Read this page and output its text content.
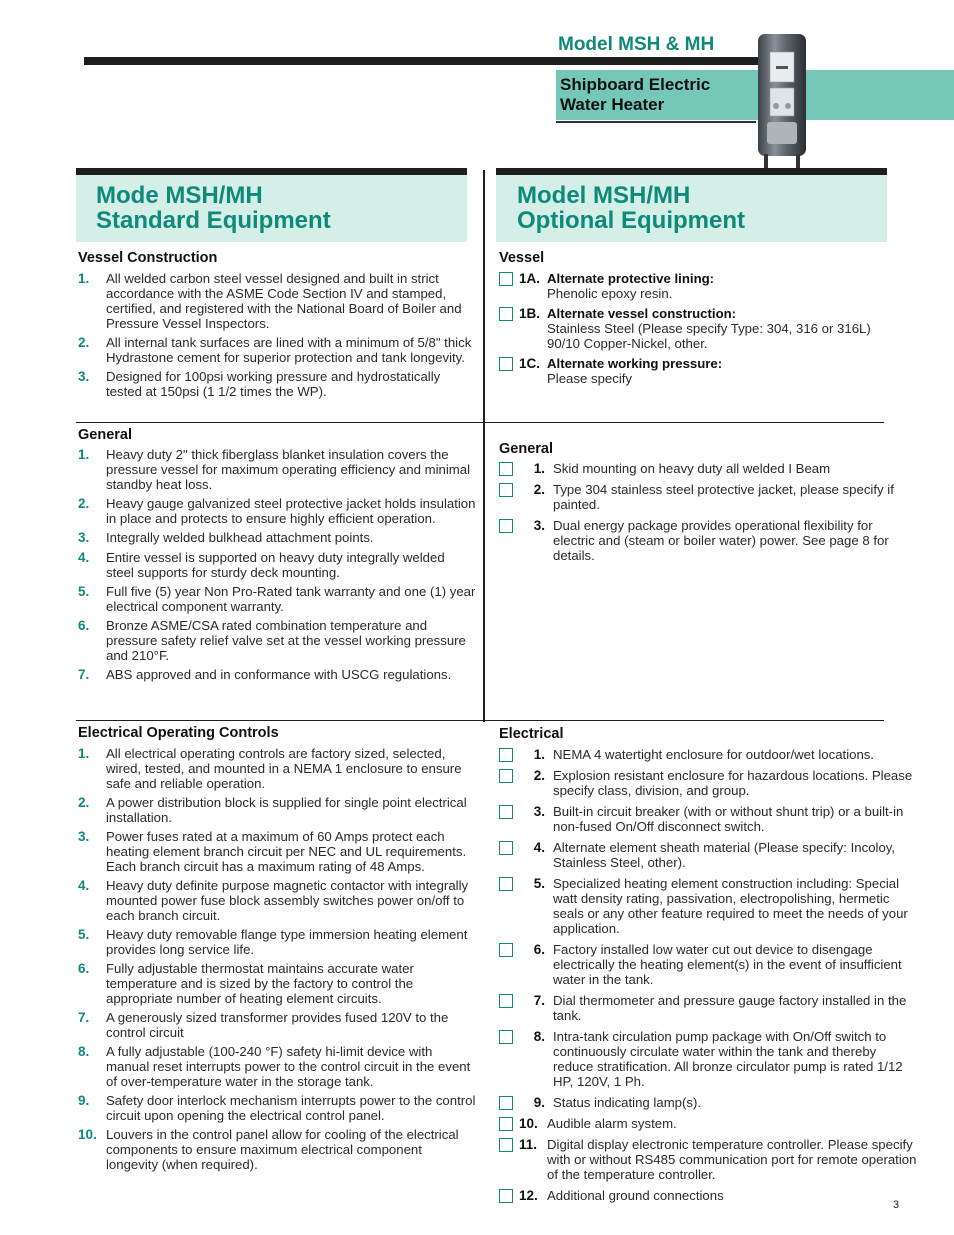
Model MSH & MH
Shipboard Electric
Water Heater
Mode MSH/MH
Standard Equipment
Model MSH/MH
Optional Equipment
Vessel Construction
1.	All welded carbon steel vessel designed and built in strict accordance with the ASME Code Section IV and stamped, certified, and registered with the National Board of Boiler and Pressure Vessel Inspectors.
2.	All internal tank surfaces are lined with a minimum of 5/8" thick Hydrastone cement for superior protection and tank longevity.
3.	Designed for 100psi working pressure and hydrostatically tested at 150psi (1 1/2 times the WP).
General
1.	Heavy duty 2" thick fiberglass blanket insulation covers the pressure vessel for maximum operating efficiency and minimal standby heat loss.
2.	Heavy gauge galvanized steel protective jacket holds insulation in place and protects to ensure highly efficient operation.
3.	Integrally welded bulkhead attachment points.
4.	Entire vessel is supported on heavy duty integrally welded steel supports for sturdy deck mounting.
5.	Full five (5) year Non Pro-Rated tank warranty and one (1) year electrical component warranty.
6.	Bronze ASME/CSA rated combination temperature and pressure safety relief valve set at the vessel working pressure and 210°F.
7.	ABS approved and in conformance with USCG regulations.
Electrical Operating Controls
1.	All electrical operating controls are factory sized, selected, wired, tested, and mounted in a NEMA 1 enclosure to ensure safe and reliable operation.
2.	A power distribution block is supplied for single point electrical installation.
3.	Power fuses rated at a maximum of 60 Amps protect each heating element branch circuit per NEC and UL requirements. Each branch circuit has a maximum rating of 48 Amps.
4.	Heavy duty definite purpose magnetic contactor with integrally mounted power fuse block assembly switches power on/off to each branch circuit.
5.	Heavy duty removable flange type immersion heating element provides long service life.
6.	Fully adjustable thermostat maintains accurate water temperature and is sized by the factory to control the appropriate number of heating element circuits.
7.	A generously sized transformer provides fused 120V to the control circuit
8.	A fully adjustable (100-240 °F) safety hi-limit device with manual reset interrupts power to the control circuit in the event of over-temperature water in the storage tank.
9.	Safety door interlock mechanism interrupts power to the control circuit upon opening the electrical control panel.
10. Louvers in the control panel allow for cooling of the electrical components to ensure maximum electrical component longevity (when required).
Vessel
1A. Alternate protective lining:
Phenolic epoxy resin.
1B. Alternate vessel construction:
Stainless Steel (Please specify Type: 304, 316 or 316L) 90/10 Copper-Nickel, other.
1C. Alternate working pressure:
Please specify
General
1. Skid mounting on heavy duty all welded I Beam
2. Type 304 stainless steel protective jacket, please specify if painted.
3. Dual energy package provides operational flexibility for electric and (steam or boiler water) power. See page 8 for details.
Electrical
1. NEMA 4 watertight enclosure for outdoor/wet locations.
2. Explosion resistant enclosure for hazardous locations. Please specify class, division, and group.
3. Built-in circuit breaker (with or without shunt trip) or a built-in non-fused On/Off disconnect switch.
4. Alternate element sheath material (Please specify: Incoloy, Stainless Steel, other).
5. Specialized heating element construction including: Special watt density rating, passivation, electropolishing, hermetic seals or any other feature required to meet the needs of your application.
6. Factory installed low water cut out device to disengage electrically the heating element(s) in the event of insufficient water in the tank.
7. Dial thermometer and pressure gauge factory installed in the tank.
8. Intra-tank circulation pump package with On/Off switch to continuously circulate water within the tank and thereby reduce stratification. All bronze circulator pump is rated 1/12 HP, 120V, 1 Ph.
9. Status indicating lamp(s).
10. Audible alarm system.
11. Digital display electronic temperature controller. Please specify with or without RS485 communication port for remote operation of the temperature controller.
12. Additional ground connections
3
